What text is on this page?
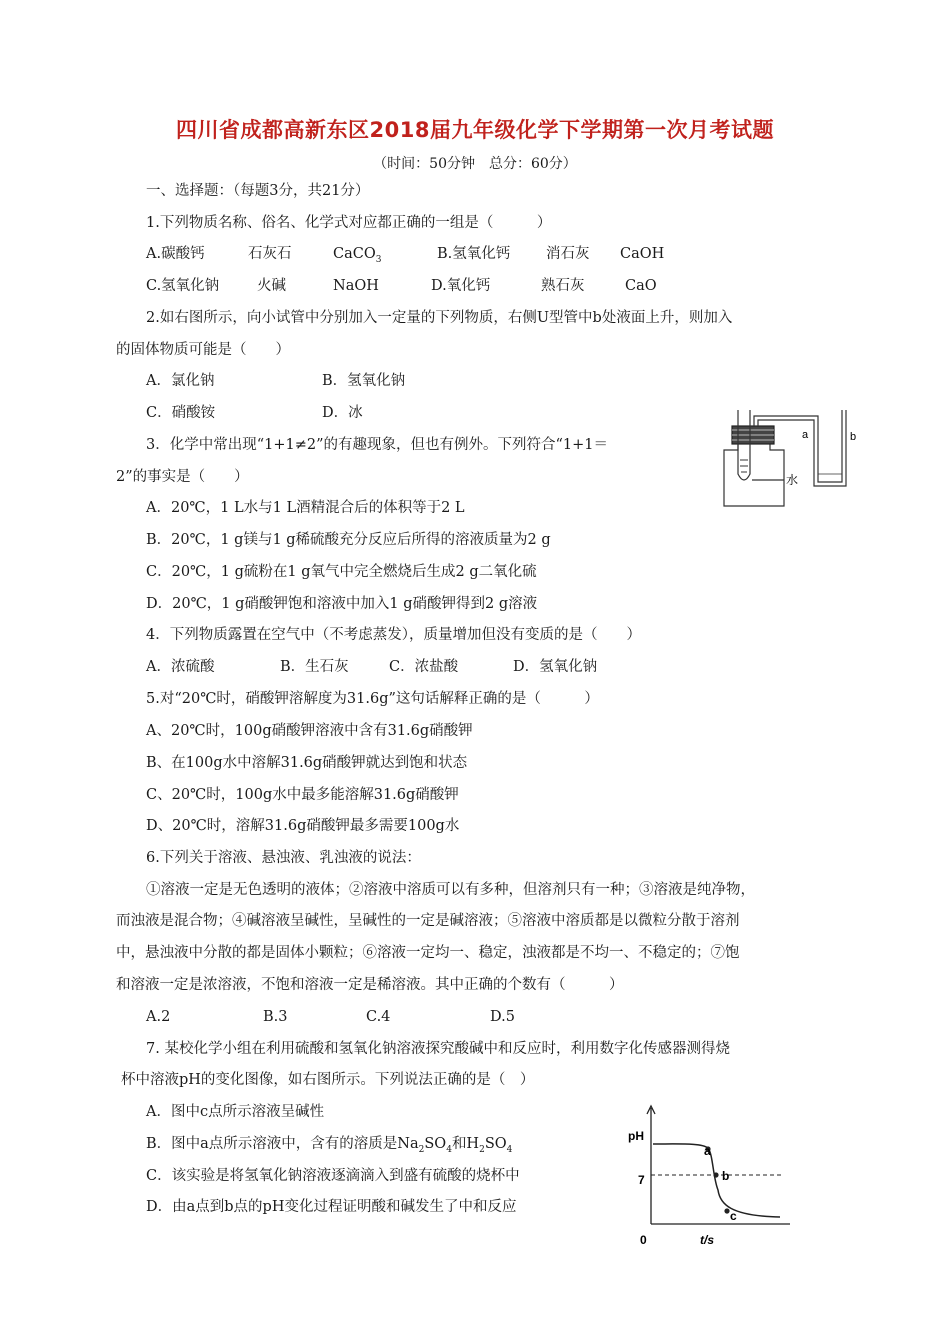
四川省成都高新东区2018届九年级化学下学期第一次月考试题
（时间：50分钟　总分：60分）
一、选择题：（每题3分，共21分）
1.下列物质名称、俗名、化学式对应都正确的一组是（　　　）
A.碳酸钙	石灰石	CaCO$_3$	B.氢氧化钙 消石灰 CaOH
C.氢氧化钠	火碱	NaOH	D.氧化钙	熟石灰	CaO
2.如右图所示，向小试管中分别加入一定量的下列物质，右侧U型管中b处液面上升，则加入
的固体物质可能是（　　）
A．氯化钠	B．氢氧化钠
C．硝酸铵	D．冰
a	b
水
3．化学中常出现“1+1≠2”的有趣现象，但也有例外。下列符合“1+1＝
2”的事实是（　　）
A．20℃，1 L水与1 L酒精混合后的体积等于2 L
B．20℃，1 g镁与1 g稀硫酸充分反应后所得的溶液质量为2 g
C．20℃，1 g硫粉在1 g氧气中完全燃烧后生成2 g二氧化硫
D．20℃，1 g硝酸钾饱和溶液中加入1 g硝酸钾得到2 g溶液
4．下列物质露置在空气中（不考虑蒸发），质量增加但没有变质的是（　　）
A．浓硫酸	B．生石灰	C．浓盐酸	D．氢氧化钠
5.对“20℃时，硝酸钾溶解度为31.6g”这句话解释正确的是（　　　）
A、20℃时，100g硝酸钾溶液中含有31.6g硝酸钾
B、在100g水中溶解31.6g硝酸钾就达到饱和状态
C、20℃时，100g水中最多能溶解31.6g硝酸钾
D、20℃时，溶解31.6g硝酸钾最多需要100g水
6.下列关于溶液、悬浊液、乳浊液的说法：
①溶液一定是无色透明的液体；②溶液中溶质可以有多种，但溶剂只有一种；③溶液是纯净物，
而浊液是混合物；④碱溶液呈碱性，呈碱性的一定是碱溶液；⑤溶液中溶质都是以微粒分散于溶剂
中，悬浊液中分散的都是固体小颗粒；⑥溶液一定均一、稳定，浊液都是不均一、不稳定的；⑦饱
和溶液一定是浓溶液，不饱和溶液一定是稀溶液。其中正确的个数有（　　　）
A.2	B.3	C.4	D.5
7. 某校化学小组在利用硫酸和氢氧化钠溶液探究酸碱中和反应时，利用数字化传感器测得烧
杯中溶液pH的变化图像，如右图所示。下列说法正确的是（　）
A．图中c点所示溶液呈碱性
B．图中a点所示溶液中，含有的溶质是$Na_2SO_4$和$H_2SO_4$
C．该实验是将氢氧化钠溶液逐滴滴入到盛有硫酸的烧杯中
D．由a点到b点的pH变化过程证明酸和碱发生了中和反应
pH
7
0	t/s
a
b
c
